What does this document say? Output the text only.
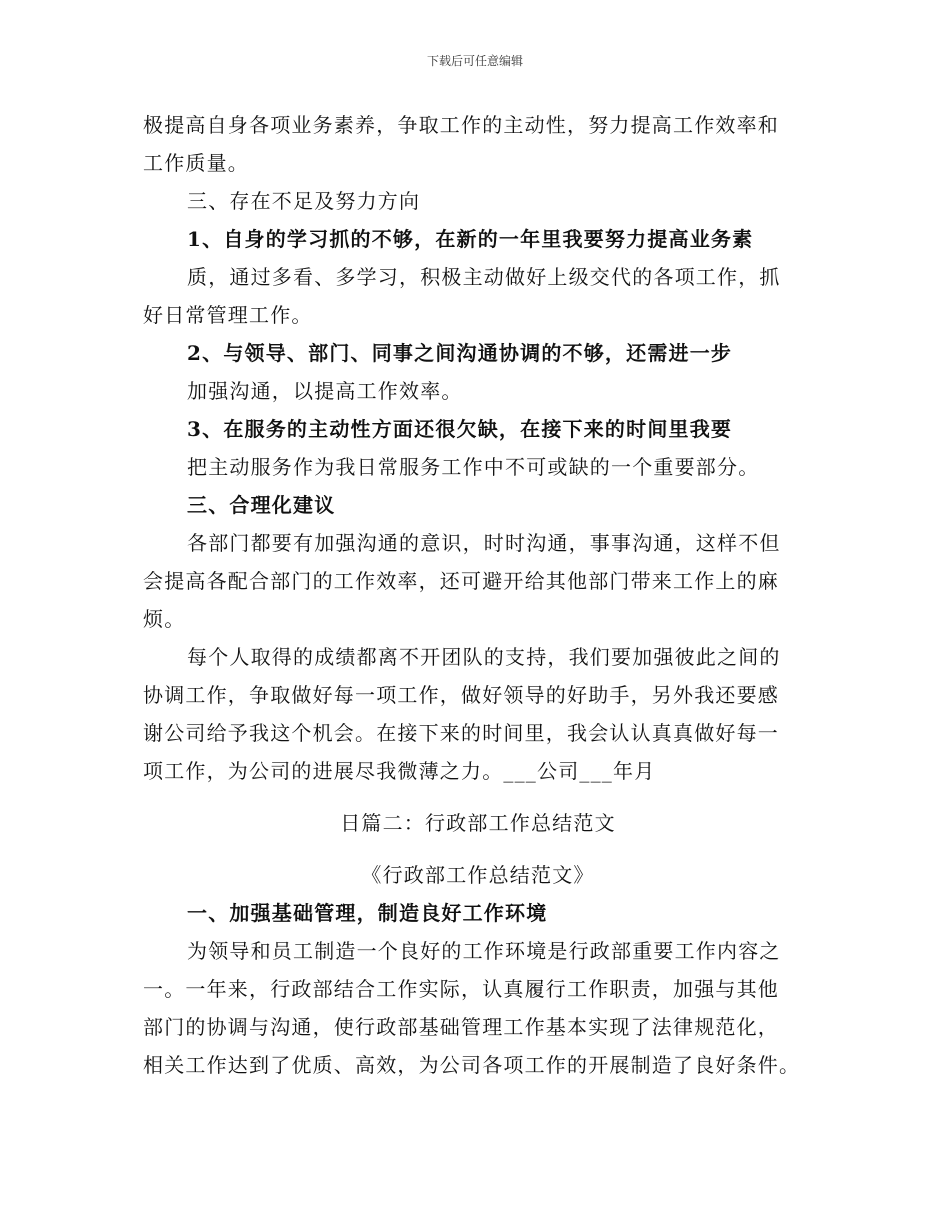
下载后可任意编辑
极提高自身各项业务素养，争取工作的主动性，努力提高工作效率和
工作质量。
三、存在不足及努力方向
1、自身的学习抓的不够，在新的一年里我要努力提高业务素
质，通过多看、多学习，积极主动做好上级交代的各项工作，抓
好日常管理工作。
2、与领导、部门、同事之间沟通协调的不够，还需进一步
加强沟通，以提高工作效率。
3、在服务的主动性方面还很欠缺，在接下来的时间里我要
把主动服务作为我日常服务工作中不可或缺的一个重要部分。
三、合理化建议
各部门都要有加强沟通的意识，时时沟通，事事沟通，这样不但
会提高各配合部门的工作效率，还可避开给其他部门带来工作上的麻
烦。
每个人取得的成绩都离不开团队的支持，我们要加强彼此之间的
协调工作，争取做好每一项工作，做好领导的好助手，另外我还要感
谢公司给予我这个机会。在接下来的时间里，我会认认真真做好每一
项工作，为公司的进展尽我微薄之力。___公司___年月
日篇二：行政部工作总结范文
《行政部工作总结范文》
一、加强基础管理，制造良好工作环境
为领导和员工制造一个良好的工作环境是行政部重要工作内容之
一。一年来，行政部结合工作实际，认真履行工作职责，加强与其他
部门的协调与沟通，使行政部基础管理工作基本实现了法律规范化，
相关工作达到了优质、高效，为公司各项工作的开展制造了良好条件。
